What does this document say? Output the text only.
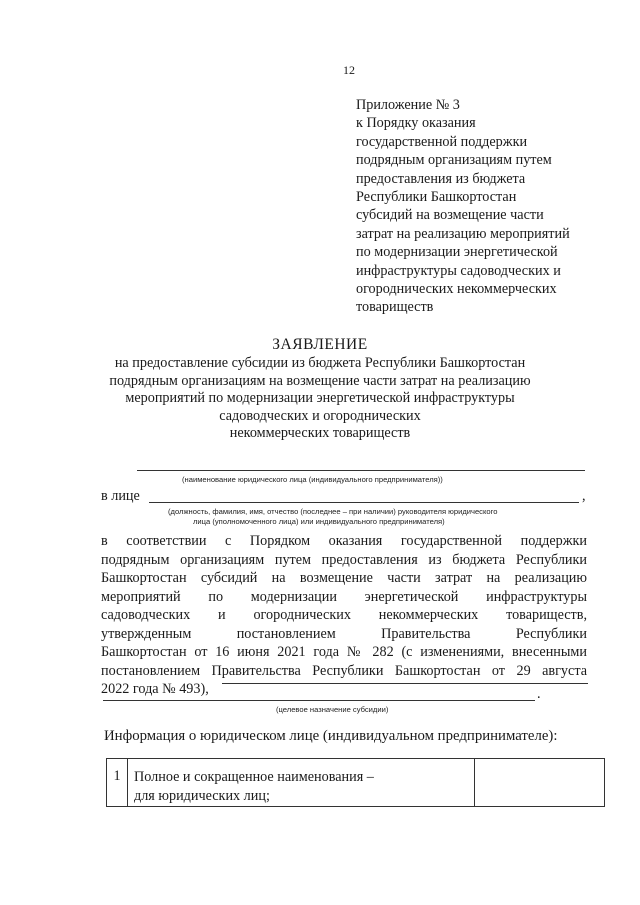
12
Приложение № 3
к Порядку оказания
государственной поддержки
подрядным организациям путем
предоставления из бюджета
Республики Башкортостан
субсидий на возмещение части
затрат на реализацию мероприятий
по модернизации энергетической
инфраструктуры садоводческих и
огороднических некоммерческих
товариществ
ЗАЯВЛЕНИЕ
на предоставление субсидии из бюджета Республики Башкортостан
подрядным организациям на возмещение части затрат на реализацию
мероприятий по модернизации энергетической инфраструктуры
садоводческих и огороднических
некоммерческих товариществ
(наименование юридического лица (индивидуального предпринимателя))
в лице	,
(должность, фамилия, имя, отчество (последнее – при наличии) руководителя юридического
лица (уполномоченного лица) или индивидуального предпринимателя)
в соответствии с Порядком оказания государственной поддержки
подрядным организациям путем предоставления из бюджета Республики
Башкортостан субсидий на возмещение части затрат на реализацию
мероприятий по модернизации энергетической инфраструктуры
садоводческих и огороднических некоммерческих товариществ,
утвержденным постановлением Правительства Республики
Башкортостан от 16 июня 2021 года № 282 (с изменениями, внесенными
постановлением Правительства Республики Башкортостан от 29 августа
2022 года № 493),	.
(целевое назначение субсидии)
Информация о юридическом лице (индивидуальном предпринимателе):
1	Полное и сокращенное наименования –
для юридических лиц;
